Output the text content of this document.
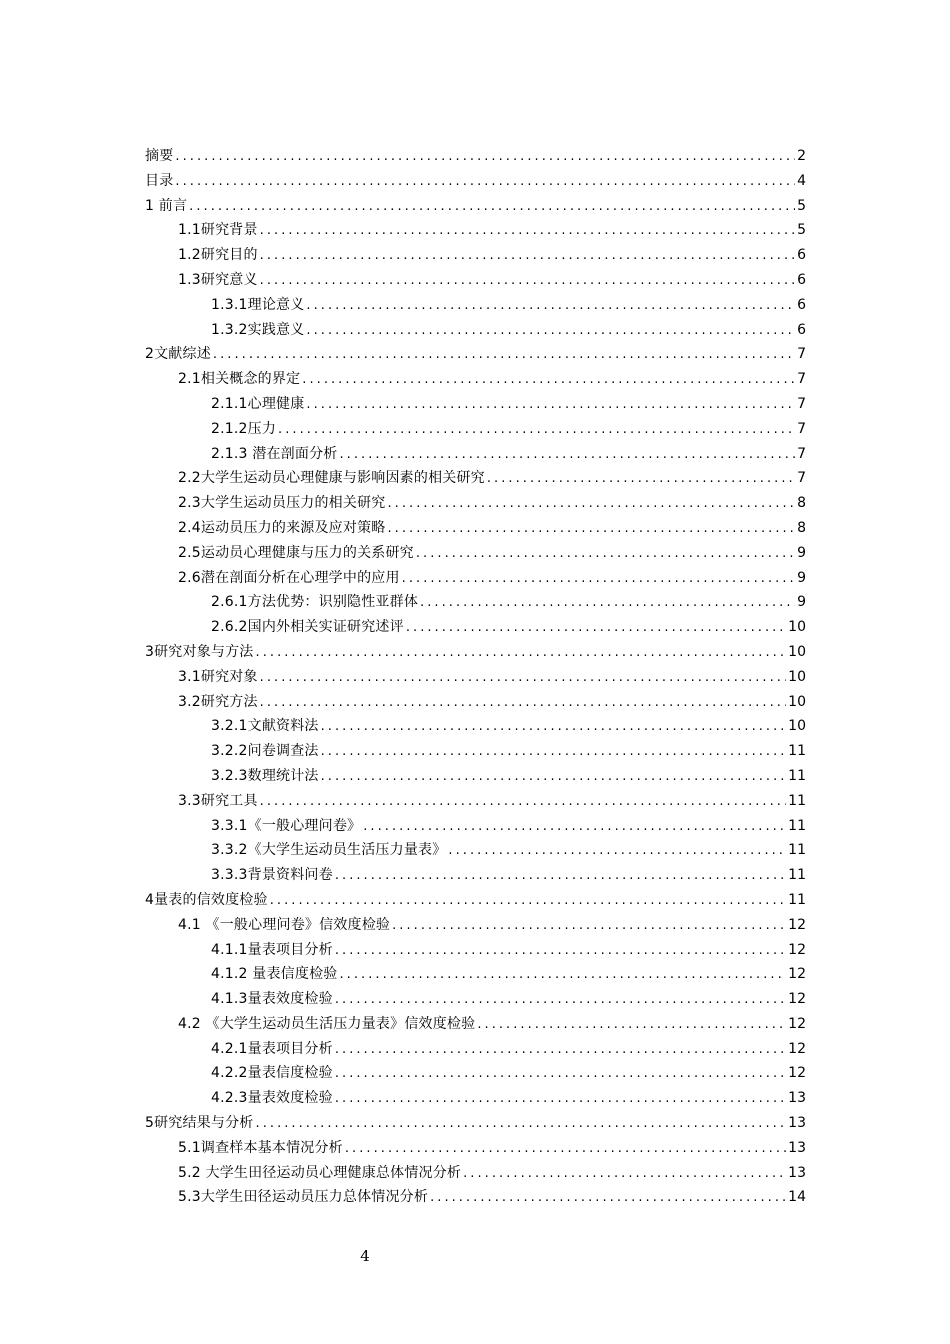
摘要 .....	2
目录 .....	4
1 前言 .....	5
1.1研究背景 .....	5
1.2研究目的 .....	6
1.3研究意义 .....	6
1.3.1理论意义 .....	6
1.3.2实践意义 .....	6
2文献综述 .....	7
2.1相关概念的界定 .....	7
2.1.1心理健康 .....	7
2.1.2压力 .....	7
2.1.3 潜在剖面分析 .....	7
2.2大学生运动员心理健康与影响因素的相关研究 .....	7
2.3大学生运动员压力的相关研究 .....	8
2.4运动员压力的来源及应对策略 .....	8
2.5运动员心理健康与压力的关系研究 .....	9
2.6潜在剖面分析在心理学中的应用 .....	9
2.6.1方法优势：识别隐性亚群体 .....	9
2.6.2国内外相关实证研究述评 .....	10
3研究对象与方法 .....	10
3.1研究对象 .....	10
3.2研究方法 .....	10
3.2.1文献资料法 .....	10
3.2.2问卷调查法 .....	11
3.2.3数理统计法 .....	11
3.3研究工具 .....	11
3.3.1《一般心理问卷》 .....	11
3.3.2《大学生运动员生活压力量表》 .....	11
3.3.3背景资料问卷 .....	11
4量表的信效度检验 .....	11
4.1 《一般心理问卷》信效度检验 .....	12
4.1.1量表项目分析 .....	12
4.1.2 量表信度检验 .....	12
4.1.3量表效度检验 .....	12
4.2 《大学生运动员生活压力量表》信效度检验 .....	12
4.2.1量表项目分析 .....	12
4.2.2量表信度检验 .....	12
4.2.3量表效度检验 .....	13
5研究结果与分析 .....	13
5.1调查样本基本情况分析 .....	13
5.2 大学生田径运动员心理健康总体情况分析 .....	13
5.3大学生田径运动员压力总体情况分析 .....	14
4
